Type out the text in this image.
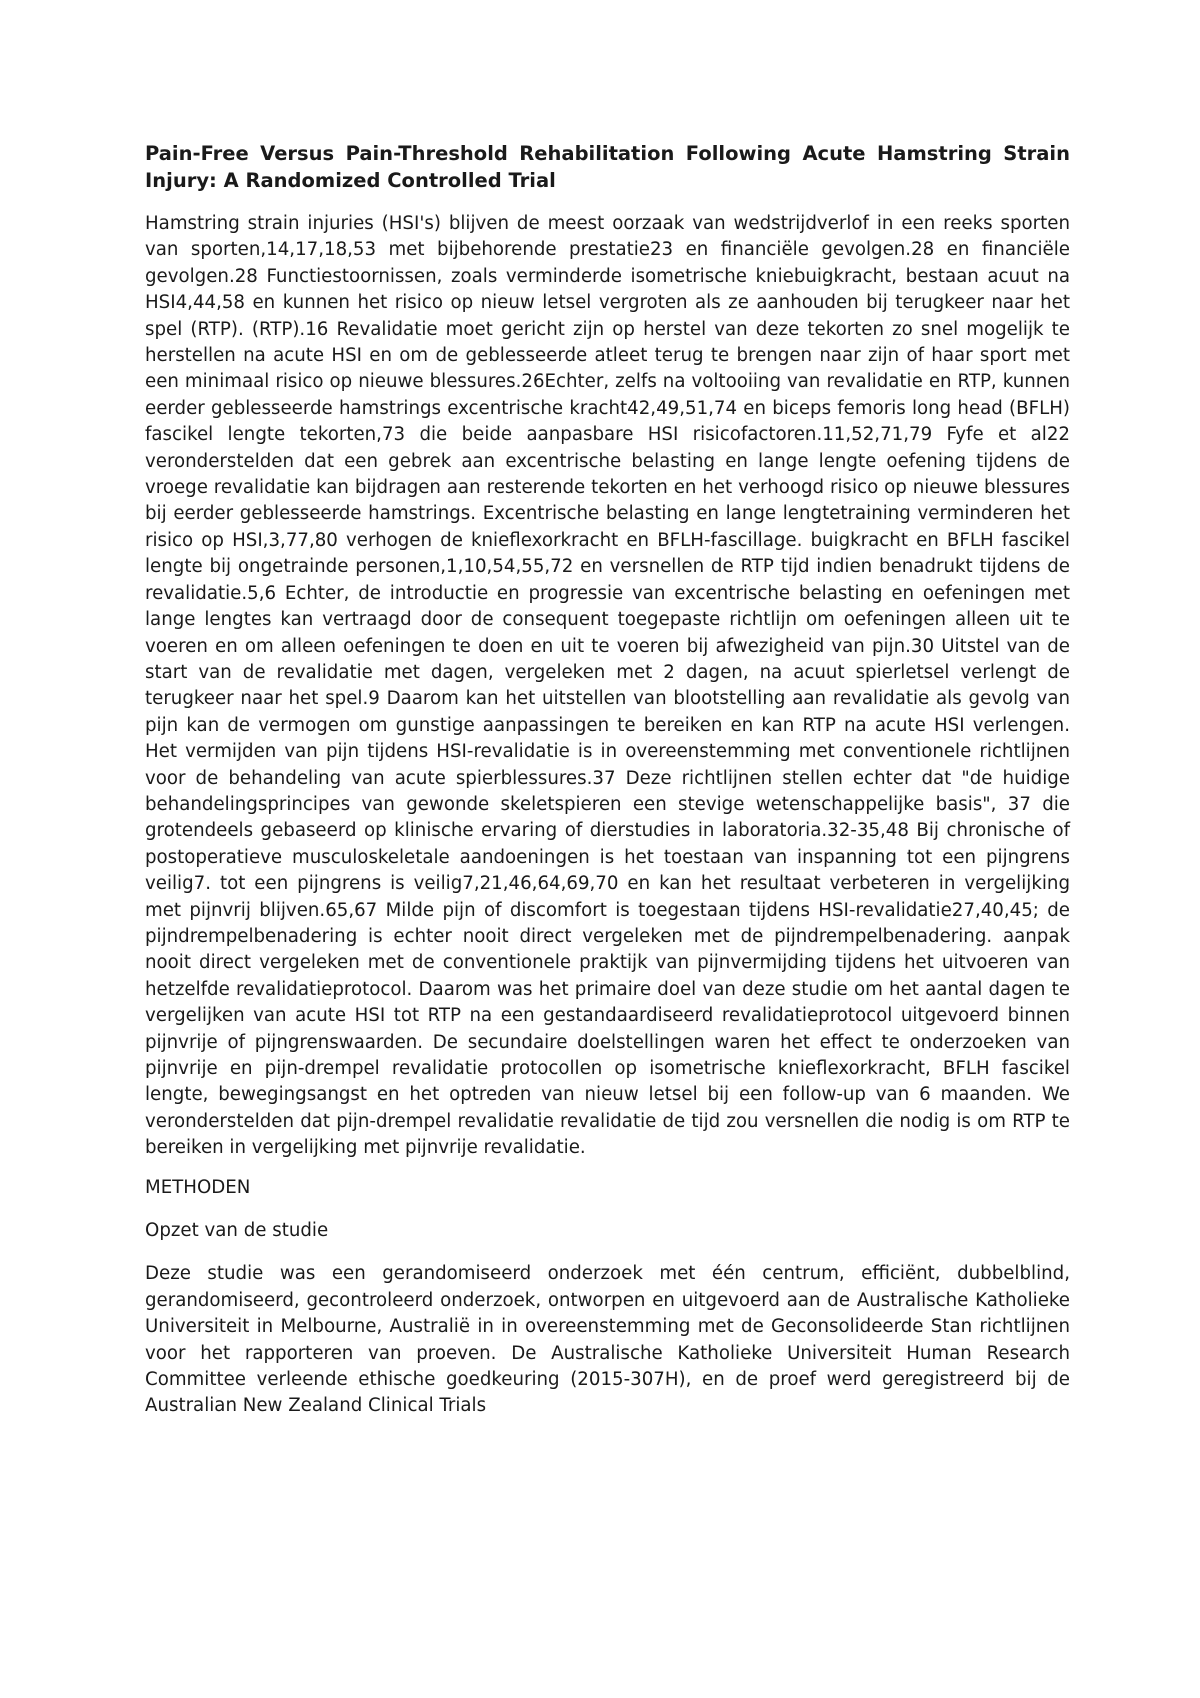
Pain-Free Versus Pain-Threshold Rehabilitation Following Acute Hamstring Strain Injury: A Randomized Controlled Trial

Hamstring strain injuries (HSI's) blijven de meest oorzaak van wedstrijdverlof in een reeks sporten van sporten,14,17,18,53 met bijbehorende prestatie23 en financiële gevolgen.28 en financiële gevolgen.28 Functiestoornissen, zoals verminderde isometrische kniebuigkracht, bestaan acuut na HSI4,44,58 en kunnen het risico op nieuw letsel vergroten als ze aanhouden bij terugkeer naar het spel (RTP). (RTP).16 Revalidatie moet gericht zijn op herstel van deze tekorten zo snel mogelijk te herstellen na acute HSI en om de geblesseerde atleet terug te brengen naar zijn of haar sport met een minimaal risico op nieuwe blessures.26Echter, zelfs na voltooiing van revalidatie en RTP, kunnen eerder geblesseerde hamstrings excentrische kracht42,49,51,74 en biceps femoris long head (BFLH) fascikel lengte tekorten,73 die beide aanpasbare HSI risicofactoren.11,52,71,79 Fyfe et al22 veronderstelden dat een gebrek aan excentrische belasting en lange lengte oefening tijdens de vroege revalidatie kan bijdragen aan resterende tekorten en het verhoogd risico op nieuwe blessures bij eerder geblesseerde hamstrings. Excentrische belasting en lange lengtetraining verminderen het risico op HSI,3,77,80 verhogen de knieflexorkracht en BFLH-fascillage. buigkracht en BFLH fascikel lengte bij ongetrainde personen,1,10,54,55,72 en versnellen de RTP tijd indien benadrukt tijdens de revalidatie.5,6 Echter, de introductie en progressie van excentrische belasting en oefeningen met lange lengtes kan vertraagd door de consequent toegepaste richtlijn om oefeningen alleen uit te voeren en om alleen oefeningen te doen en uit te voeren bij afwezigheid van pijn.30 Uitstel van de start van de revalidatie met dagen, vergeleken met 2 dagen, na acuut spierletsel verlengt de terugkeer naar het spel.9 Daarom kan het uitstellen van blootstelling aan revalidatie als gevolg van pijn kan de vermogen om gunstige aanpassingen te bereiken en kan RTP na acute HSI verlengen. Het vermijden van pijn tijdens HSI-revalidatie is in overeenstemming met conventionele richtlijnen voor de behandeling van acute spierblessures.37 Deze richtlijnen stellen echter dat "de huidige behandelingsprincipes van gewonde skeletspieren een stevige wetenschappelijke basis", 37 die grotendeels gebaseerd op klinische ervaring of dierstudies in laboratoria.32-35,48 Bij chronische of postoperatieve musculoskeletale aandoeningen is het toestaan van inspanning tot een pijngrens veilig7. tot een pijngrens is veilig7,21,46,64,69,70 en kan het resultaat verbeteren in vergelijking met pijnvrij blijven.65,67 Milde pijn of discomfort is toegestaan tijdens HSI-revalidatie27,40,45; de pijndrempelbenadering is echter nooit direct vergeleken met de pijndrempelbenadering. aanpak nooit direct vergeleken met de conventionele praktijk van pijnvermijding tijdens het uitvoeren van hetzelfde revalidatieprotocol. Daarom was het primaire doel van deze studie om het aantal dagen te vergelijken van acute HSI tot RTP na een gestandaardiseerd revalidatieprotocol uitgevoerd binnen pijnvrije of pijngrenswaarden. De secundaire doelstellingen waren het effect te onderzoeken van pijnvrije en pijn-drempel revalidatie protocollen op isometrische knieflexorkracht, BFLH fascikel lengte, bewegingsangst en het optreden van nieuw letsel bij een follow-up van 6 maanden. We veronderstelden dat pijn-drempel revalidatie revalidatie de tijd zou versnellen die nodig is om RTP te bereiken in vergelijking met pijnvrije revalidatie.

METHODEN

Opzet van de studie

Deze studie was een gerandomiseerd onderzoek met één centrum, efficiënt, dubbelblind, gerandomiseerd, gecontroleerd onderzoek, ontworpen en uitgevoerd aan de Australische Katholieke Universiteit in Melbourne, Australië in in overeenstemming met de Geconsolideerde Stan richtlijnen voor het rapporteren van proeven. De Australische Katholieke Universiteit Human Research Committee verleende ethische goedkeuring (2015-307H), en de proef werd geregistreerd bij de Australian New Zealand Clinical Trials
